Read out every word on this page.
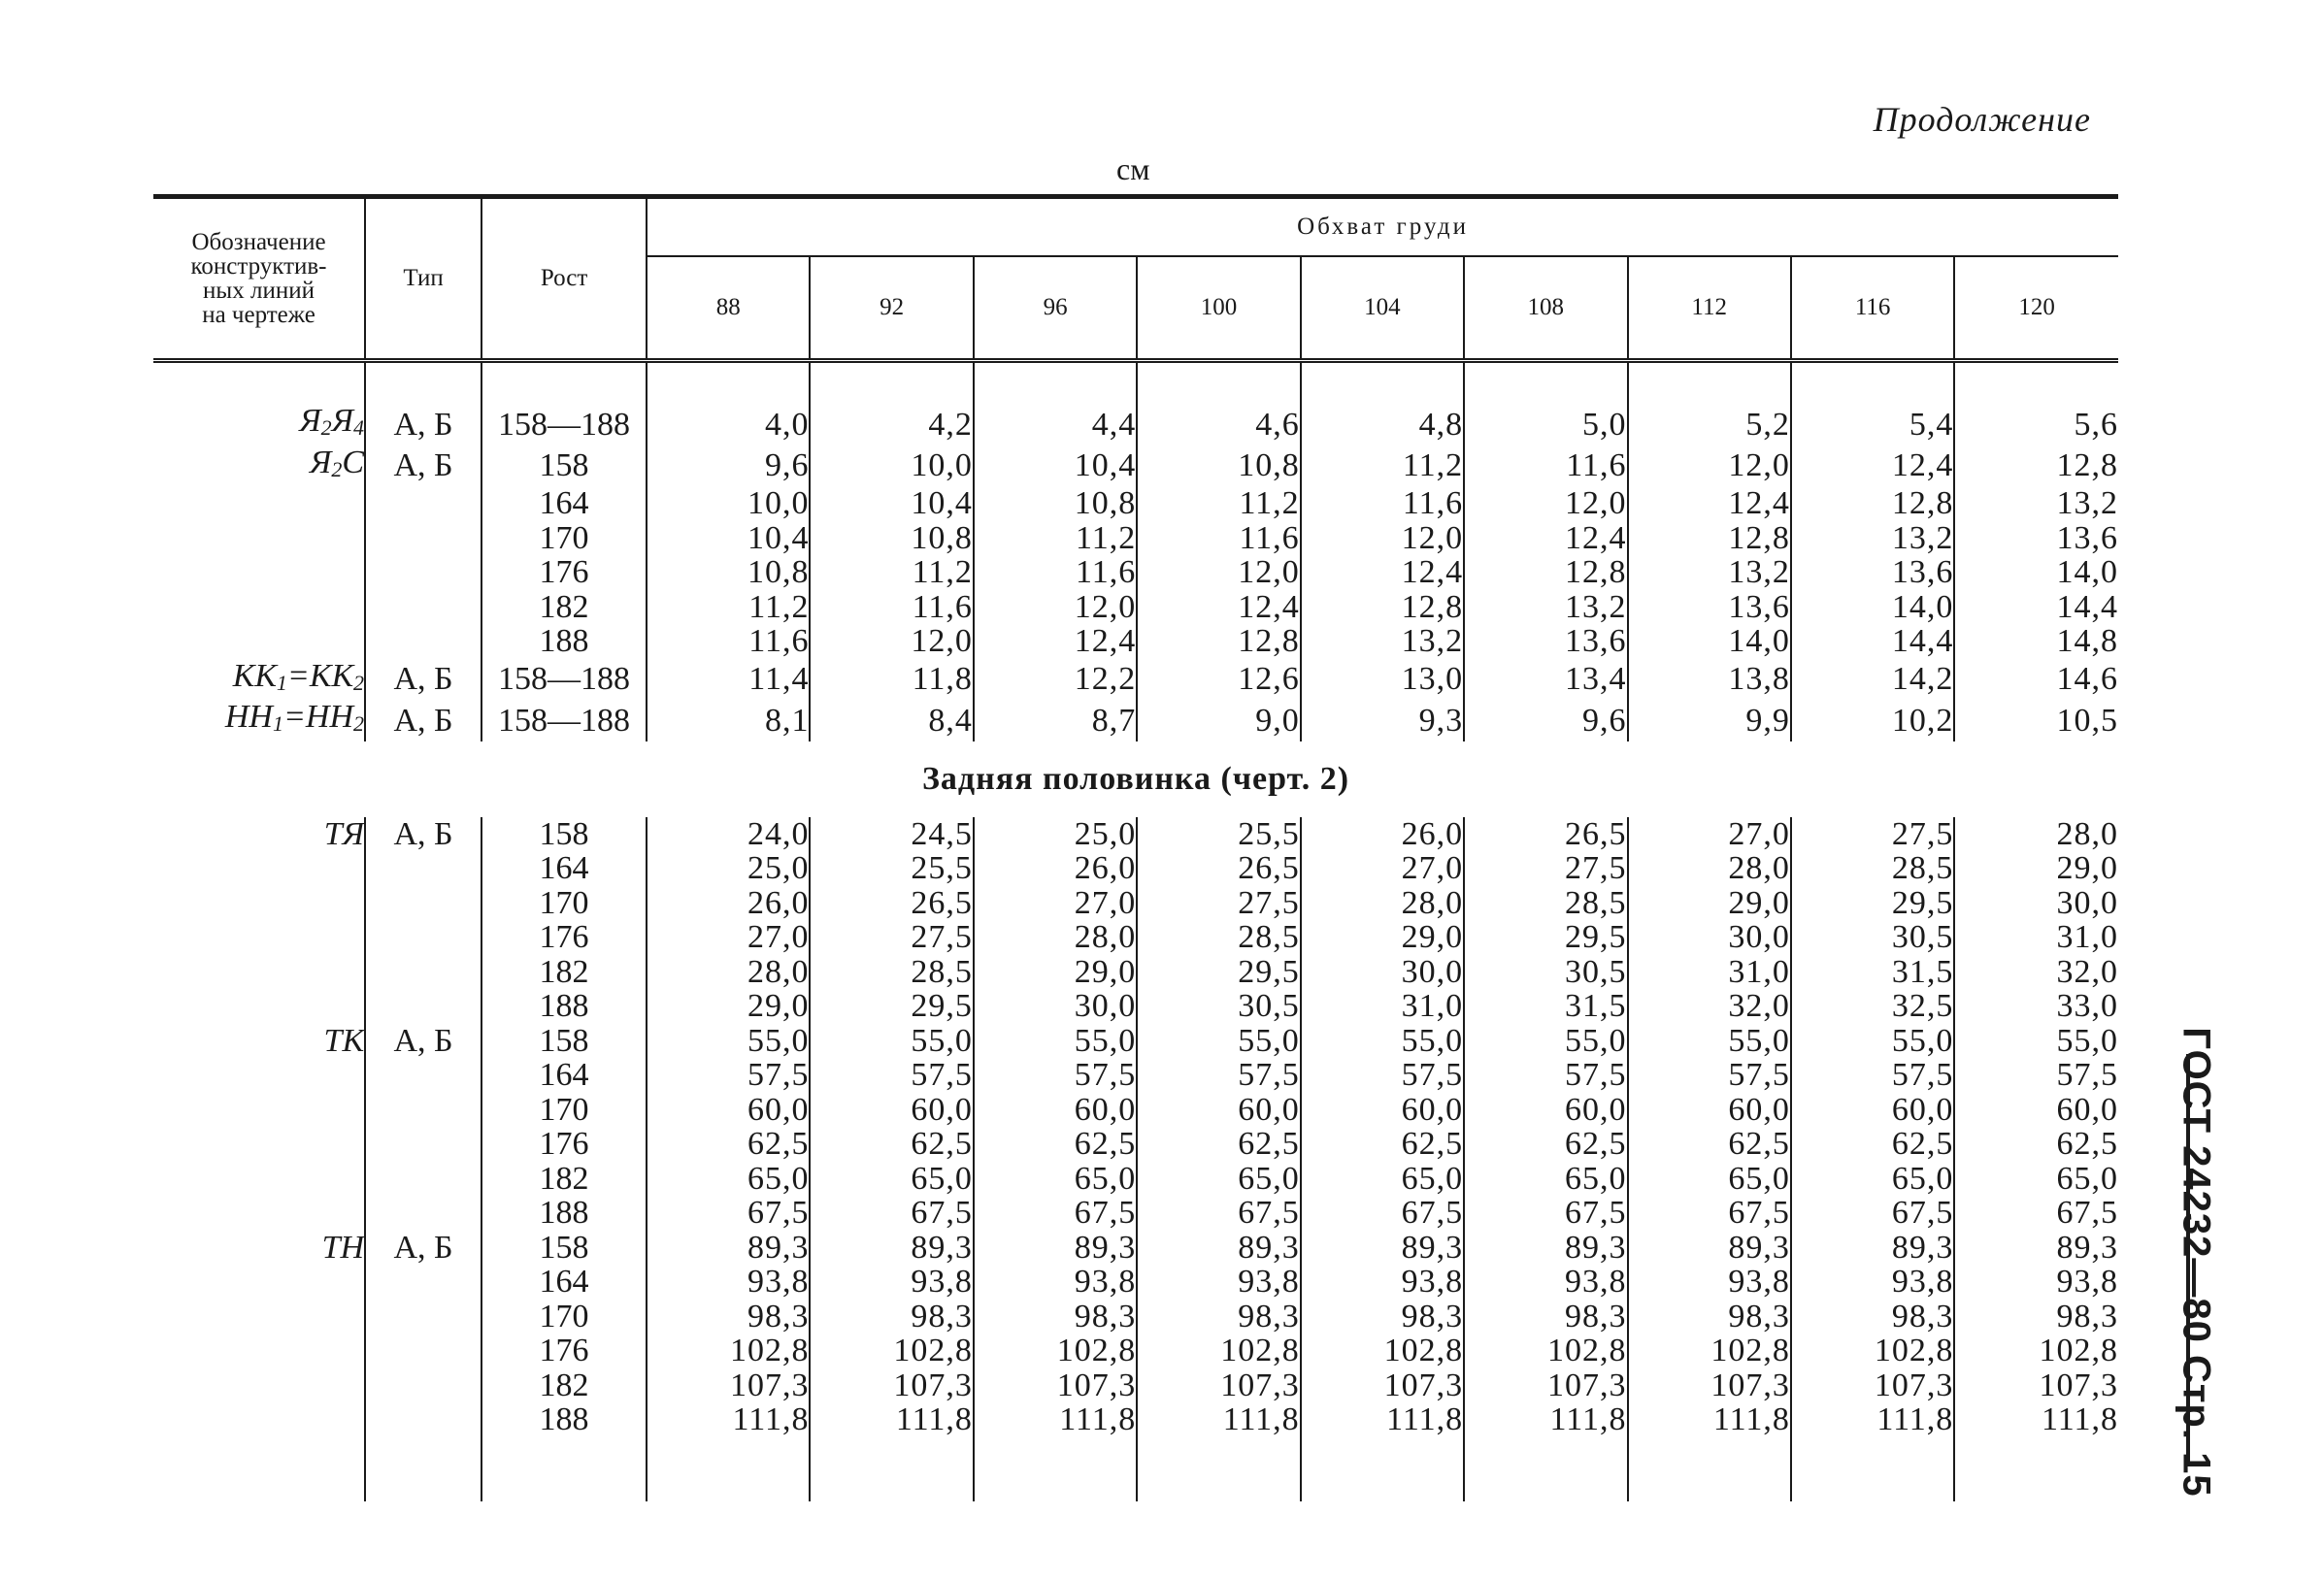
Продолжение
см
ГОСТ 24232—80 Стр. 15
Обозначение
конструктив-
ных линий
на чертеже	Тип	Рост	Обхват груди								
			88	92	96	100	104	108	112	116	120

$Я_2Я_4$	А, Б	158—188	4,0	4,2	4,4	4,6	4,8	5,0	5,2	5,4	5,6
$Я_2С$	А, Б	158	9,6	10,0	10,4	10,8	11,2	11,6	12,0	12,4	12,8
		164	10,0	10,4	10,8	11,2	11,6	12,0	12,4	12,8	13,2
		170	10,4	10,8	11,2	11,6	12,0	12,4	12,8	13,2	13,6
		176	10,8	11,2	11,6	12,0	12,4	12,8	13,2	13,6	14,0
		182	11,2	11,6	12,0	12,4	12,8	13,2	13,6	14,0	14,4
		188	11,6	12,0	12,4	12,8	13,2	13,6	14,0	14,4	14,8
$КК_1=КК_2$	А, Б	158—188	11,4	11,8	12,2	12,6	13,0	13,4	13,8	14,2	14,6
$НН_1=НН_2$	А, Б	158—188	8,1	8,4	8,7	9,0	9,3	9,6	9,9	10,2	10,5
Задняя половинка (черт. 2)											
ТЯ	А, Б	158	24,0	24,5	25,0	25,5	26,0	26,5	27,0	27,5	28,0
		164	25,0	25,5	26,0	26,5	27,0	27,5	28,0	28,5	29,0
		170	26,0	26,5	27,0	27,5	28,0	28,5	29,0	29,5	30,0
		176	27,0	27,5	28,0	28,5	29,0	29,5	30,0	30,5	31,0
		182	28,0	28,5	29,0	29,5	30,0	30,5	31,0	31,5	32,0
		188	29,0	29,5	30,0	30,5	31,0	31,5	32,0	32,5	33,0
ТК	А, Б	158	55,0	55,0	55,0	55,0	55,0	55,0	55,0	55,0	55,0
		164	57,5	57,5	57,5	57,5	57,5	57,5	57,5	57,5	57,5
		170	60,0	60,0	60,0	60,0	60,0	60,0	60,0	60,0	60,0
		176	62,5	62,5	62,5	62,5	62,5	62,5	62,5	62,5	62,5
		182	65,0	65,0	65,0	65,0	65,0	65,0	65,0	65,0	65,0
		188	67,5	67,5	67,5	67,5	67,5	67,5	67,5	67,5	67,5
ТН	А, Б	158	89,3	89,3	89,3	89,3	89,3	89,3	89,3	89,3	89,3
		164	93,8	93,8	93,8	93,8	93,8	93,8	93,8	93,8	93,8
		170	98,3	98,3	98,3	98,3	98,3	98,3	98,3	98,3	98,3
		176	102,8	102,8	102,8	102,8	102,8	102,8	102,8	102,8	102,8
		182	107,3	107,3	107,3	107,3	107,3	107,3	107,3	107,3	107,3
		188	111,8	111,8	111,8	111,8	111,8	111,8	111,8	111,8	111,8
